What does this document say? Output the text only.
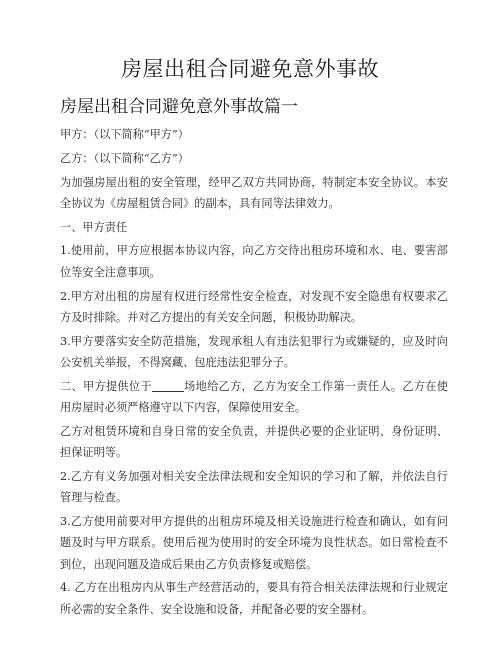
房屋出租合同避免意外事故
房屋出租合同避免意外事故篇一

甲方：（以下简称“甲方”）

乙方：（以下简称“乙方”）

为加强房屋出租的安全管理，经甲乙双方共同协商，特制定本安全协议。本安全协议为《房屋租赁合同》的副本，具有同等法律效力。

一、甲方责任

1.使用前，甲方应根据本协议内容，向乙方交待出租房环境和水、电、要害部位等安全注意事项。

2.甲方对出租的房屋有权进行经常性安全检查，对发现不安全隐患有权要求乙方及时排除。并对乙方提出的有关安全问题，积极协助解决。

3.甲方要落实安全防范措施，发现承租人有违法犯罪行为或嫌疑的，应及时向公安机关举报，不得窝藏、包庇违法犯罪分子。

二、甲方提供位于	场地给乙方，乙方为安全工作第一责任人。乙方在使用房屋时必须严格遵守以下内容，保障使用安全。

乙方对租赁环境和自身日常的安全负责，并提供必要的企业证明、身份证明、担保证明等。

2.乙方有义务加强对相关安全法律法规和安全知识的学习和了解，并依法自行管理与检查。

3.乙方使用前要对甲方提供的出租房环境及相关设施进行检查和确认，如有问题及时与甲方联系。使用后视为使用时的安全环境为良性状态。如日常检查不到位，出现问题及造成后果由乙方负责修复或赔偿。

4. 乙方在出租房内从事生产经营活动的，要具有符合相关法律法规和行业规定所必需的安全条件、安全设施和设备，并配备必要的安全器材。
